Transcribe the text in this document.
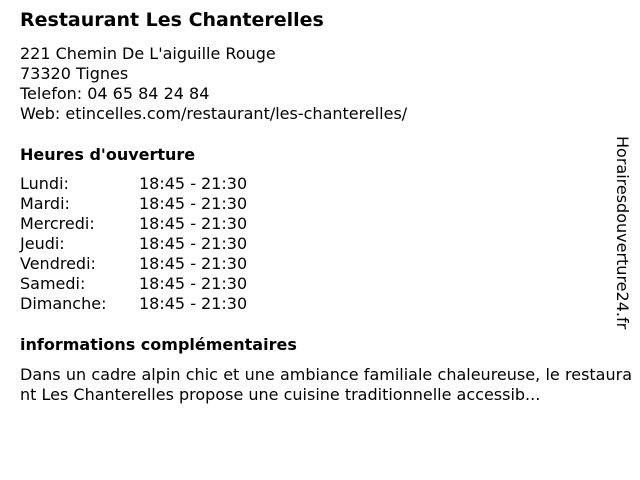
Restaurant Les Chanterelles
221 Chemin De L'aiguille Rouge
73320 Tignes
Telefon: 04 65 84 24 84
Web: etincelles.com/restaurant/les-chanterelles/
Heures d'ouverture
Lundi:	18:45 - 21:30
Mardi:	18:45 - 21:30
Mercredi:	18:45 - 21:30
Jeudi:	18:45 - 21:30
Vendredi:	18:45 - 21:30
Samedi:	18:45 - 21:30
Dimanche:	18:45 - 21:30
informations complémentaires
Dans un cadre alpin chic et une ambiance familiale chaleureuse, le restaurant Les Chanterelles propose une cuisine traditionnelle accessib...
Horairesdouverture24.fr
